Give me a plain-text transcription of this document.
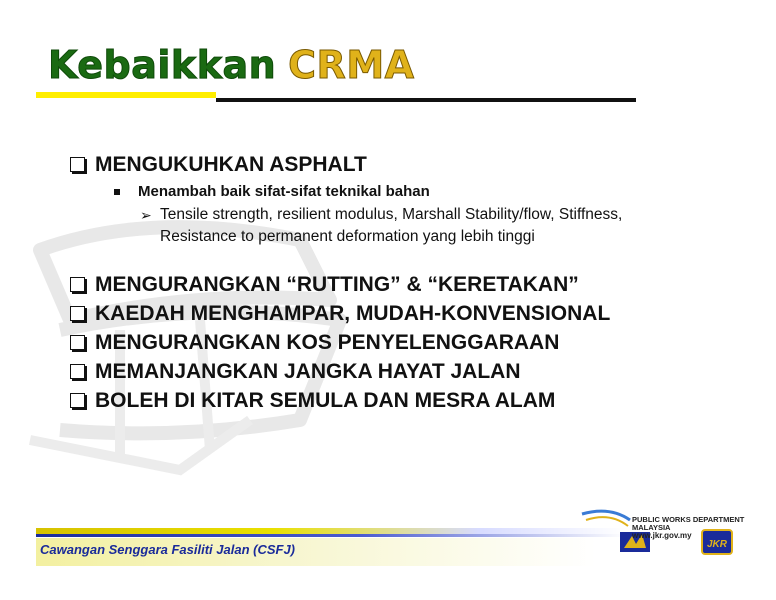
Kebaikkan CRMA
MENGUKUHKAN ASPHALT
Menambah baik sifat-sifat teknikal bahan
➢ Tensile strength, resilient modulus, Marshall Stability/flow, Stiffness,
Resistance to permanent deformation yang lebih tinggi
MENGURANGKAN “RUTTING” & “KERETAKAN”
KAEDAH MENGHAMPAR, MUDAH-KONVENSIONAL
MENGURANGKAN KOS PENYELENGGARAAN
MEMANJANGKAN JANGKA HAYAT JALAN
BOLEH DI KITAR SEMULA DAN MESRA ALAM
Cawangan Senggara Fasiliti Jalan (CSFJ)	JKR
PUBLIC WORKS DEPARTMENT
MALAYSIA
www.jkr.gov.my
